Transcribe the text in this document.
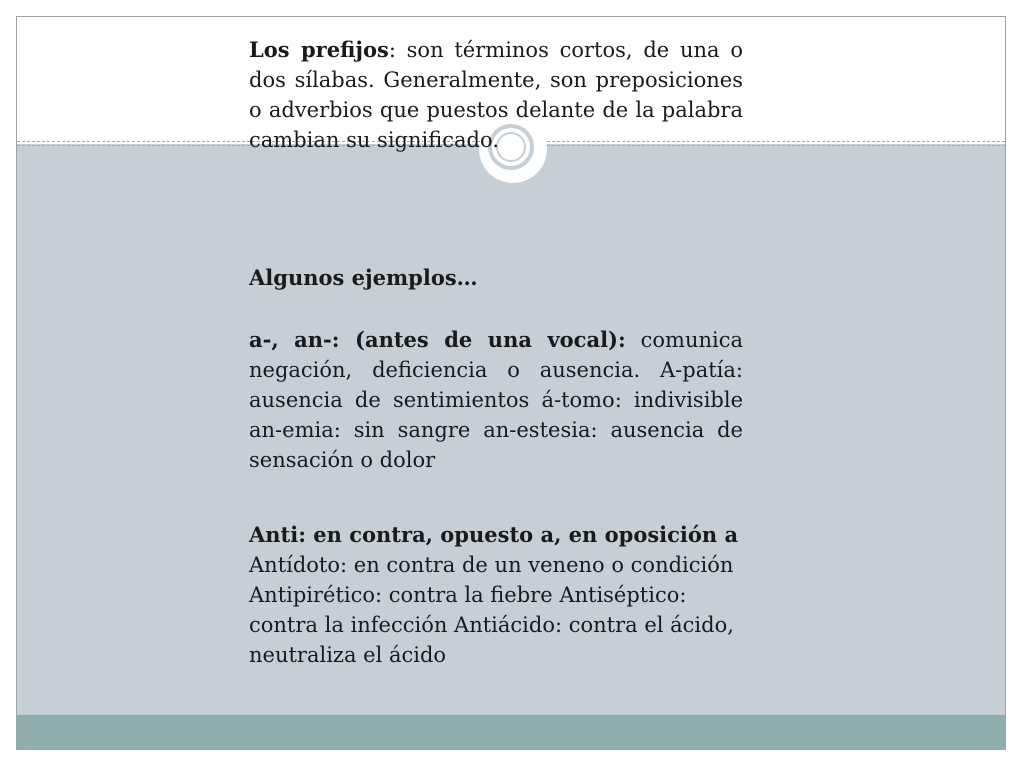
Los prefijos: son términos cortos, de una o dos sílabas. Generalmente, son preposiciones o adverbios que puestos delante de la palabra cambian su significado.

Algunos ejemplos…

a-, an-: (antes de una vocal): comunica negación, deficiencia o ausencia. A-patía: ausencia de sentimientos á-tomo: indivisible an-emia: sin sangre an-estesia: ausencia de sensación o dolor

Anti: en contra, opuesto a, en oposición a Antídoto: en contra de un veneno o condición Antipirético: contra la fiebre Antiséptico: contra la infección Antiácido: contra el ácido, neutraliza el ácido
